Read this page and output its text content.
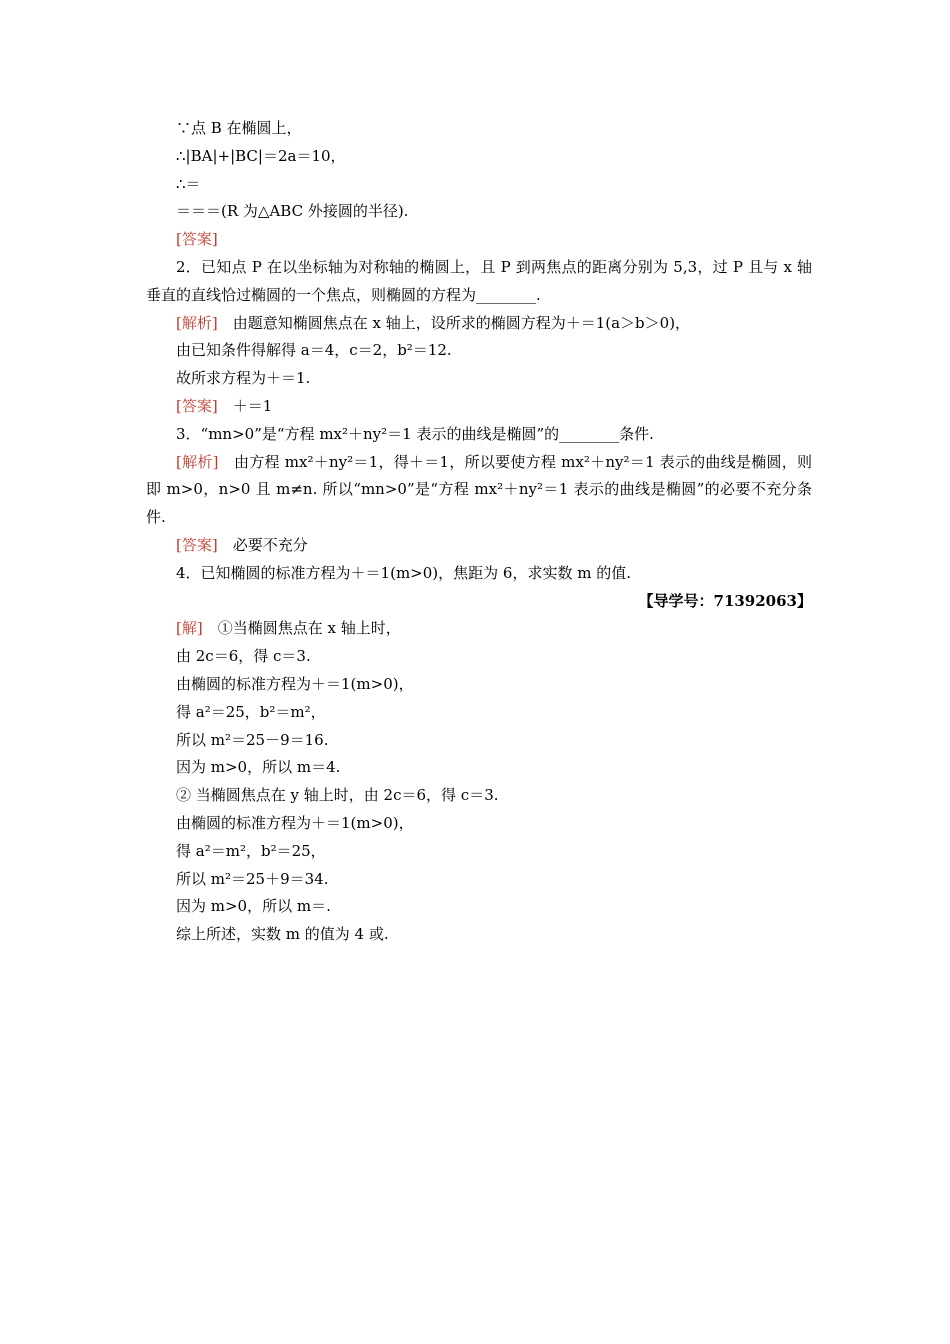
∵点 B 在椭圆上，
∴|BA|+|BC|＝2a＝10，
∴＝
＝＝＝(R 为△ABC 外接圆的半径).
[答案]
2．已知点 P 在以坐标轴为对称轴的椭圆上，且 P 到两焦点的距离分别为 5,3，过 P 且与 x 轴垂直的直线恰过椭圆的一个焦点，则椭圆的方程为________.
[解析]　由题意知椭圆焦点在 x 轴上，设所求的椭圆方程为＋＝1(a＞b＞0)，
由已知条件得解得 a＝4，c＝2，b²＝12.
故所求方程为＋＝1.
[答案]　＋＝1
3．“mn>0”是“方程 mx²＋ny²＝1 表示的曲线是椭圆”的________条件.
[解析]　由方程 mx²＋ny²＝1，得＋＝1，所以要使方程 mx²＋ny²＝1 表示的曲线是椭圆，则即 m>0，n>0 且 m≠n. 所以“mn>0”是“方程 mx²＋ny²＝1 表示的曲线是椭圆”的必要不充分条件.
[答案]　必要不充分
4．已知椭圆的标准方程为＋＝1(m>0)，焦距为 6，求实数 m 的值.
【导学号：71392063】
[解]　①当椭圆焦点在 x 轴上时，
由 2c＝6，得 c＝3.
由椭圆的标准方程为＋＝1(m>0)，
得 a²＝25，b²＝m²，
所以 m²＝25－9＝16.
因为 m>0，所以 m＝4.
② 当椭圆焦点在 y 轴上时，由 2c＝6，得 c＝3.
由椭圆的标准方程为＋＝1(m>0)，
得 a²＝m²，b²＝25，
所以 m²＝25＋9＝34.
因为 m>0，所以 m＝.
综上所述，实数 m 的值为 4 或.
